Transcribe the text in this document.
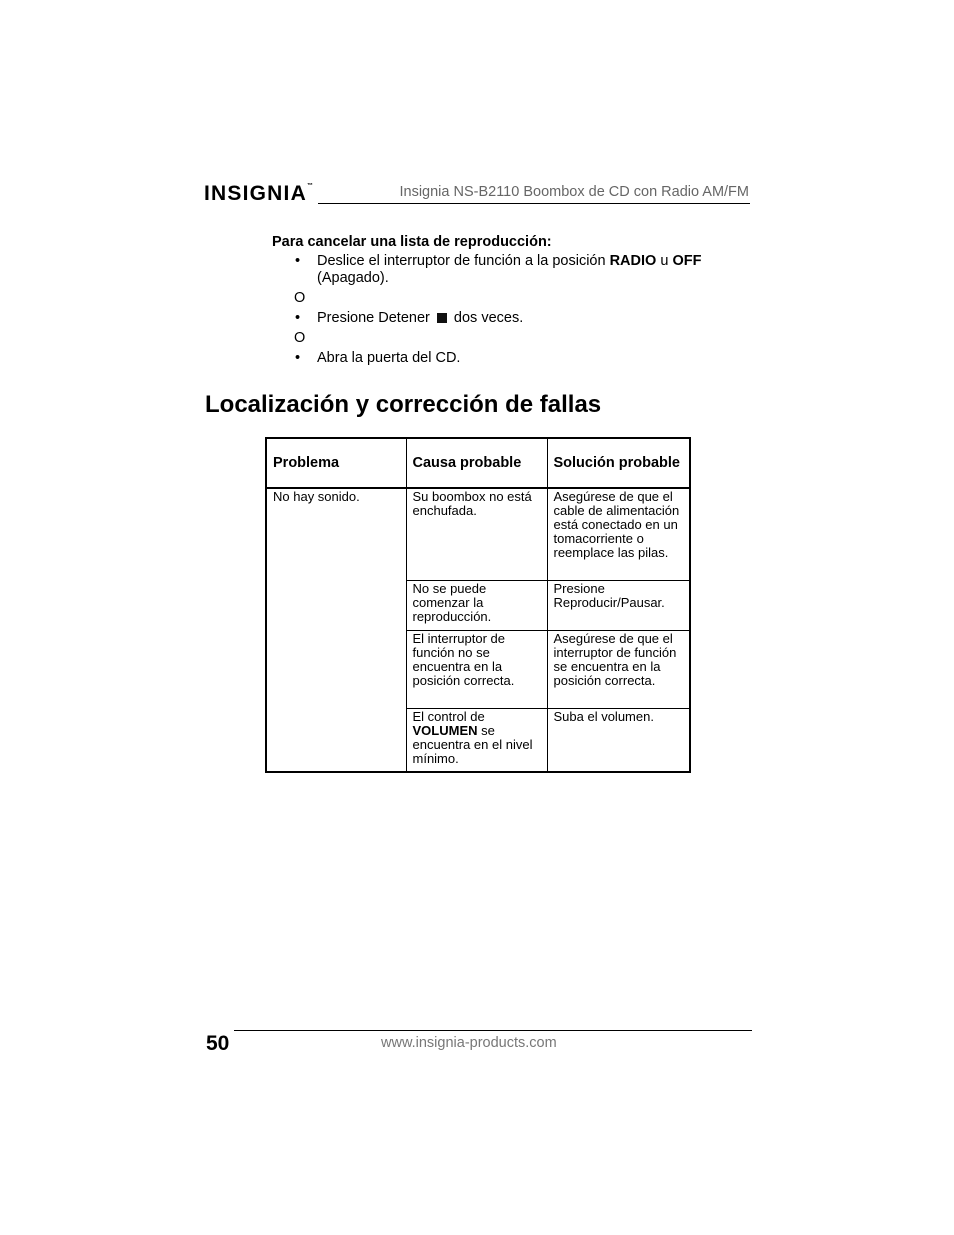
INSIGNIA™	Insignia NS-B2110 Boombox de CD con Radio AM/FM
Para cancelar una lista de reproducción:
• Deslice el interruptor de función a la posición RADIO u OFF
(Apagado).
O
• Presione Detener dos veces.
O
• Abra la puerta del CD.
Localización y corrección de fallas
Problema	Causa probable	Solución probable
No hay sonido.	Su boombox no está enchufada.	Asegúrese de que el cable de alimentación está conectado en un tomacorriente o reemplace las pilas.
	No se puede comenzar la reproducción.	Presione Reproducir/Pausar.
	El interruptor de función no se encuentra en la posición correcta.	Asegúrese de que el interruptor de función se encuentra en la posición correcta.
	El control de VOLUMEN se encuentra en el nivel mínimo.	Suba el volumen.
50	www.insignia-products.com
